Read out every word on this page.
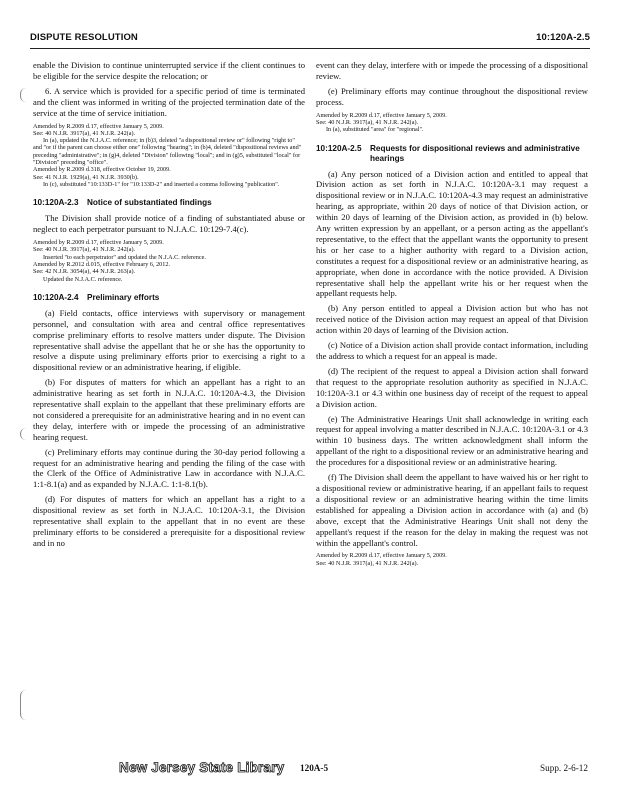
DISPUTE RESOLUTION	10:120A-2.5

enable the Division to continue uninterrupted service if the client continues to be eligible for the service despite the relocation; or

6. A service which is provided for a specific period of time is terminated and the client was informed in writing of the projected termination date of the service at the time of service initiation.

Amended by R.2009 d.17, effective January 5, 2009.

See: 40 N.J.R. 3917(a), 41 N.J.R. 242(a).

In (a), updated the N.J.A.C. reference; in (b)3, deleted "a dispositional review or" following "right to" and "or if the parent can choose either one" following "hearing"; in (b)4, deleted "dispositional reviews and" preceding "administrative"; in (g)4, deleted "Division" following "local"; and in (g)5, substituted "local" for "Division" preceding "office".

Amended by R.2009 d.318, effective October 19, 2009.

See: 41 N.J.R. 1929(a), 41 N.J.R. 3930(b).

In (c), substituted "10:133D-1" for "10:133D-2" and inserted a comma following "publication".

10:120A-2.3	Notice of substantiated findings

The Division shall provide notice of a finding of substantiated abuse or neglect to each perpetrator pursuant to N.J.A.C. 10:129-7.4(c).

Amended by R.2009 d.17, effective January 5, 2009.

See: 40 N.J.R. 3917(a), 41 N.J.R. 242(a).

Inserted "to each perpetrator" and updated the N.J.A.C. reference.

Amended by R.2012 d.015, effective February 6, 2012.

See: 42 N.J.R. 3054(a), 44 N.J.R. 263(a).

Updated the N.J.A.C. reference.

10:120A-2.4	Preliminary efforts

(a) Field contacts, office interviews with supervisory or management personnel, and consultation with area and central office representatives comprise preliminary efforts to resolve matters under dispute. The Division representative shall advise the appellant that he or she has the opportunity to resolve a dispute using preliminary efforts prior to exercising a right to a dispositional review or an administrative hearing, if eligible.

(b) For disputes of matters for which an appellant has a right to an administrative hearing as set forth in N.J.A.C. 10:120A-4.3, the Division representative shall explain to the appellant that these preliminary efforts are not considered a prerequisite for an administrative hearing and in no event can they delay, interfere with or impede the processing of an administrative hearing request.

(c) Preliminary efforts may continue during the 30-day period following a request for an administrative hearing and pending the filing of the case with the Clerk of the Office of Administrative Law in accordance with N.J.A.C. 1:1-8.1(a) and as expanded by N.J.A.C. 1:1-8.1(b).

(d) For disputes of matters for which an appellant has a right to a dispositional review as set forth in N.J.A.C. 10:120A-3.1, the Division representative shall explain to the appellant that in no event are these preliminary efforts to be considered a prerequisite for a dispositional review and in no

event can they delay, interfere with or impede the processing of a dispositional review.

(e) Preliminary efforts may continue throughout the dispositional review process.

Amended by R.2009 d.17, effective January 5, 2009.

See: 40 N.J.R. 3917(a), 41 N.J.R. 242(a).

In (a), substituted "area" for "regional".

10:120A-2.5	Requests for dispositional reviews and administrative hearings

(a) Any person noticed of a Division action and entitled to appeal that Division action as set forth in N.J.A.C. 10:120A-3.1 may request a dispositional review or in N.J.A.C. 10:120A-4.3 may request an administrative hearing, as appropriate, within 20 days of notice of that Division action, or within 20 days of learning of the Division action, as provided in (b) below. Any written expression by an appellant, or a person acting as the appellant's representative, to the effect that the appellant wants the opportunity to present his or her case to a higher authority with regard to a Division action, constitutes a request for a dispositional review or an administrative hearing, as appropriate, when done in accordance with the notice provided. A Division representative shall help the appellant write his or her request when the appellant requests help.

(b) Any person entitled to appeal a Division action but who has not received notice of the Division action may request an appeal of that Division action within 20 days of learning of the Division action.

(c) Notice of a Division action shall provide contact information, including the address to which a request for an appeal is made.

(d) The recipient of the request to appeal a Division action shall forward that request to the appropriate resolution authority as specified in N.J.A.C. 10:120A-3.1 or 4.3 within one business day of receipt of the request to appeal a Division action.

(e) The Administrative Hearings Unit shall acknowledge in writing each request for appeal involving a matter described in N.J.A.C. 10:120A-3.1 or 4.3 within 10 business days. The written acknowledgment shall inform the appellant of the right to a dispositional review or an administrative hearing and the procedures for a dispositional review or an administrative hearing.

(f) The Division shall deem the appellant to have waived his or her right to a dispositional review or administrative hearing, if an appellant fails to request a dispositional review or an administrative hearing within the time limits established for appealing a Division action in accordance with (a) and (b) above, except that the Administrative Hearings Unit shall not deny the appellant's request if the reason for the delay in making the request was not within the appellant's control.

Amended by R.2009 d.17, effective January 5, 2009.

See: 40 N.J.R. 3917(a), 41 N.J.R. 242(a).

New Jersey State Library 120A-5	Supp. 2-6-12
